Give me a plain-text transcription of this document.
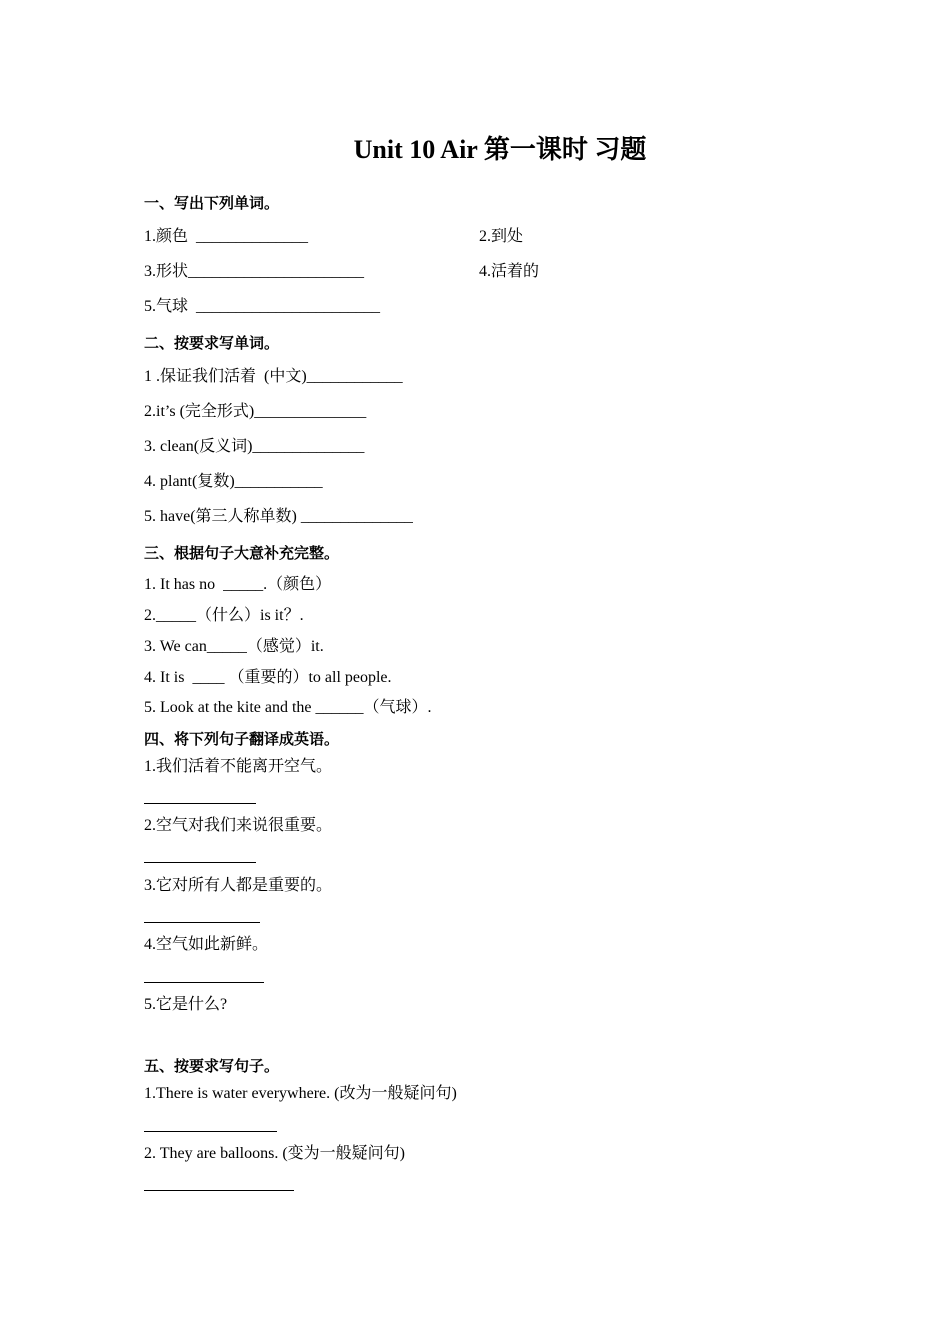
Unit 10 Air 第一课时 习题
一、写出下列单词。
1.颜色  ______________	2.到处
3.形状______________________	4.活着的
5.气球  _______________________
二、按要求写单词。
1 .保证我们活着  (中文)____________
2.it’s (完全形式)______________
3. clean(反义词)______________
4. plant(复数)___________
5. have(第三人称单数) ______________
三、根据句子大意补充完整。
1. It has no  _____.（颜色）
2._____（什么）is it？.
3. We can_____（感觉）it.
4. It is  ____ （重要的）to all people.
5. Look at the kite and the ______（气球）.
四、将下列句子翻译成英语。
1.我们活着不能离开空气。
2.空气对我们来说很重要。
3.它对所有人都是重要的。
4.空气如此新鲜。
5.它是什么?
五、按要求写句子。
1.There is water everywhere. (改为一般疑问句)
2. They are balloons. (变为一般疑问句)
